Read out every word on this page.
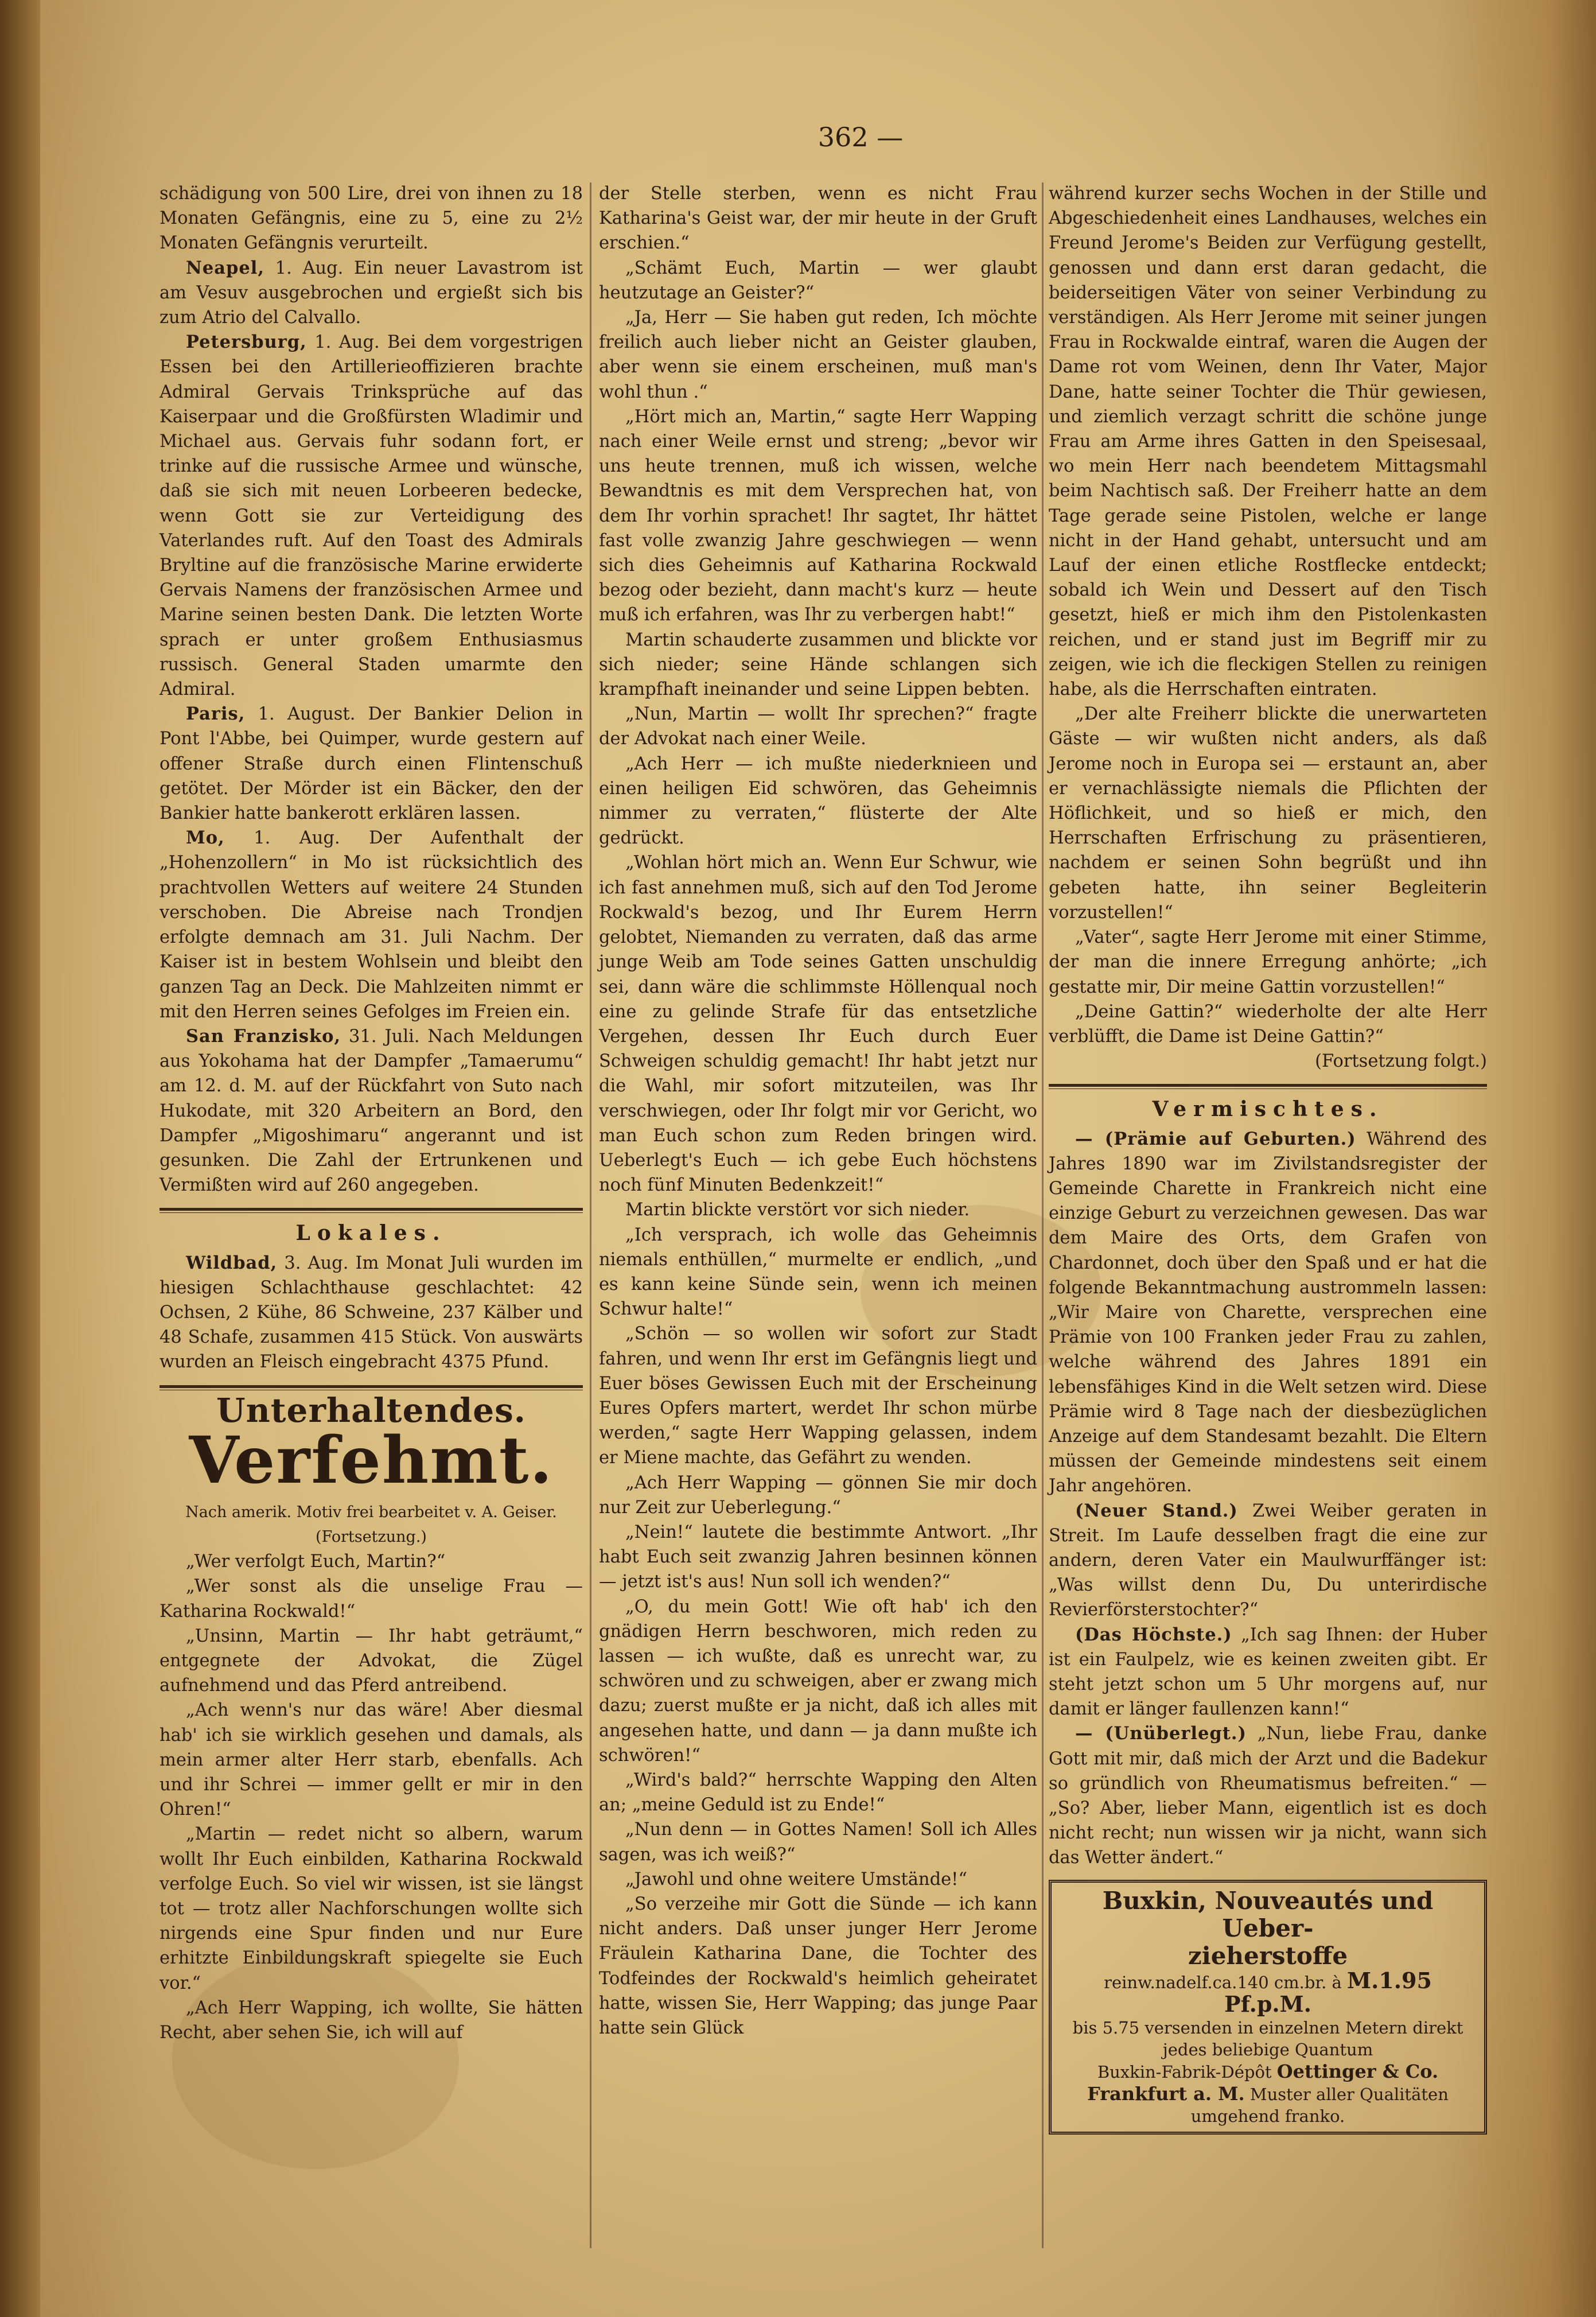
362 —

schädigung von 500 Lire, drei von ihnen zu 18 Monaten Gefängnis, eine zu 5, eine zu 2½ Monaten Gefängnis verurteilt.

Neapel, 1. Aug. Ein neuer Lavastrom ist am Vesuv ausgebrochen und ergießt sich bis zum Atrio del Calvallo.

Petersburg, 1. Aug. Bei dem vorgestrigen Essen bei den Artillerieoffizieren brachte Admiral Gervais Trinksprüche auf das Kaiserpaar und die Großfürsten Wladimir und Michael aus. Gervais fuhr sodann fort, er trinke auf die russische Armee und wünsche, daß sie sich mit neuen Lorbeeren bedecke, wenn Gott sie zur Verteidigung des Vaterlandes ruft. Auf den Toast des Admirals Bryltine auf die französische Marine erwiderte Gervais Namens der französischen Armee und Marine seinen besten Dank. Die letzten Worte sprach er unter großem Enthusiasmus russisch. General Staden umarmte den Admiral.

Paris, 1. August. Der Bankier Delion in Pont l'Abbe, bei Quimper, wurde gestern auf offener Straße durch einen Flintenschuß getötet. Der Mörder ist ein Bäcker, den der Bankier hatte bankerott erklären lassen.

Mo, 1. Aug. Der Aufenthalt der „Hohenzollern“ in Mo ist rücksichtlich des prachtvollen Wetters auf weitere 24 Stunden verschoben. Die Abreise nach Trondjen erfolgte demnach am 31. Juli Nachm. Der Kaiser ist in bestem Wohlsein und bleibt den ganzen Tag an Deck. Die Mahlzeiten nimmt er mit den Herren seines Gefolges im Freien ein.

San Franzisko, 31. Juli. Nach Meldungen aus Yokohama hat der Dampfer „Tamaerumu“ am 12. d. M. auf der Rückfahrt von Suto nach Hukodate, mit 320 Arbeitern an Bord, den Dampfer „Migoshimaru“ angerannt und ist gesunken. Die Zahl der Ertrunkenen und Vermißten wird auf 260 angegeben.

Lokales.

Wildbad, 3. Aug. Im Monat Juli wurden im hiesigen Schlachthause geschlachtet: 42 Ochsen, 2 Kühe, 86 Schweine, 237 Kälber und 48 Schafe, zusammen 415 Stück. Von auswärts wurden an Fleisch eingebracht 4375 Pfund.

Unterhaltendes.
Verfehmt.
Nach amerik. Motiv frei bearbeitet v. A. Geiser.
(Fortsetzung.)

„Wer verfolgt Euch, Martin?“

„Wer sonst als die unselige Frau — Katharina Rockwald!“

„Unsinn, Martin — Ihr habt geträumt,“ entgegnete der Advokat, die Zügel aufnehmend und das Pferd antreibend.

„Ach wenn's nur das wäre! Aber diesmal hab' ich sie wirklich gesehen und damals, als mein armer alter Herr starb, ebenfalls. Ach und ihr Schrei — immer gellt er mir in den Ohren!“

„Martin — redet nicht so albern, warum wollt Ihr Euch einbilden, Katharina Rockwald verfolge Euch. So viel wir wissen, ist sie längst tot — trotz aller Nachforschungen wollte sich nirgends eine Spur finden und nur Eure erhitzte Einbildungskraft spiegelte sie Euch vor.“

„Ach Herr Wapping, ich wollte, Sie hätten Recht, aber sehen Sie, ich will auf

der Stelle sterben, wenn es nicht Frau Katharina's Geist war, der mir heute in der Gruft erschien.“

„Schämt Euch, Martin — wer glaubt heutzutage an Geister?“

„Ja, Herr — Sie haben gut reden, Ich möchte freilich auch lieber nicht an Geister glauben, aber wenn sie einem erscheinen, muß man's wohl thun .“

„Hört mich an, Martin,“ sagte Herr Wapping nach einer Weile ernst und streng; „bevor wir uns heute trennen, muß ich wissen, welche Bewandtnis es mit dem Versprechen hat, von dem Ihr vorhin sprachet! Ihr sagtet, Ihr hättet fast volle zwanzig Jahre geschwiegen — wenn sich dies Geheimnis auf Katharina Rockwald bezog oder bezieht, dann macht's kurz — heute muß ich erfahren, was Ihr zu verbergen habt!“

Martin schauderte zusammen und blickte vor sich nieder; seine Hände schlangen sich krampfhaft ineinander und seine Lippen bebten.

„Nun, Martin — wollt Ihr sprechen?“ fragte der Advokat nach einer Weile.

„Ach Herr — ich mußte niederknieen und einen heiligen Eid schwören, das Geheimnis nimmer zu verraten,“ flüsterte der Alte gedrückt.

„Wohlan hört mich an. Wenn Eur Schwur, wie ich fast annehmen muß, sich auf den Tod Jerome Rockwald's bezog, und Ihr Eurem Herrn gelobtet, Niemanden zu verraten, daß das arme junge Weib am Tode seines Gatten unschuldig sei, dann wäre die schlimmste Höllenqual noch eine zu gelinde Strafe für das entsetzliche Vergehen, dessen Ihr Euch durch Euer Schweigen schuldig gemacht! Ihr habt jetzt nur die Wahl, mir sofort mitzuteilen, was Ihr verschwiegen, oder Ihr folgt mir vor Gericht, wo man Euch schon zum Reden bringen wird. Ueberlegt's Euch — ich gebe Euch höchstens noch fünf Minuten Bedenkzeit!“

Martin blickte verstört vor sich nieder.

„Ich versprach, ich wolle das Geheimnis niemals enthüllen,“ murmelte er endlich, „und es kann keine Sünde sein, wenn ich meinen Schwur halte!“

„Schön — so wollen wir sofort zur Stadt fahren, und wenn Ihr erst im Gefängnis liegt und Euer böses Gewissen Euch mit der Erscheinung Eures Opfers martert, werdet Ihr schon mürbe werden,“ sagte Herr Wapping gelassen, indem er Miene machte, das Gefährt zu wenden.

„Ach Herr Wapping — gönnen Sie mir doch nur Zeit zur Ueberlegung.“

„Nein!“ lautete die bestimmte Antwort. „Ihr habt Euch seit zwanzig Jahren besinnen können — jetzt ist's aus! Nun soll ich wenden?“

„O, du mein Gott! Wie oft hab' ich den gnädigen Herrn beschworen, mich reden zu lassen — ich wußte, daß es unrecht war, zu schwören und zu schweigen, aber er zwang mich dazu; zuerst mußte er ja nicht, daß ich alles mit angesehen hatte, und dann — ja dann mußte ich schwören!“

„Wird's bald?“ herrschte Wapping den Alten an; „meine Geduld ist zu Ende!“

„Nun denn — in Gottes Namen! Soll ich Alles sagen, was ich weiß?“

„Jawohl und ohne weitere Umstände!“

„So verzeihe mir Gott die Sünde — ich kann nicht anders. Daß unser junger Herr Jerome Fräulein Katharina Dane, die Tochter des Todfeindes der Rockwald's heimlich geheiratet hatte, wissen Sie, Herr Wapping; das junge Paar hatte sein Glück

während kurzer sechs Wochen in der Stille und Abgeschiedenheit eines Landhauses, welches ein Freund Jerome's Beiden zur Verfügung gestellt, genossen und dann erst daran gedacht, die beiderseitigen Väter von seiner Verbindung zu verständigen. Als Herr Jerome mit seiner jungen Frau in Rockwalde eintraf, waren die Augen der Dame rot vom Weinen, denn Ihr Vater, Major Dane, hatte seiner Tochter die Thür gewiesen, und ziemlich verzagt schritt die schöne junge Frau am Arme ihres Gatten in den Speisesaal, wo mein Herr nach beendetem Mittagsmahl beim Nachtisch saß. Der Freiherr hatte an dem Tage gerade seine Pistolen, welche er lange nicht in der Hand gehabt, untersucht und am Lauf der einen etliche Rostflecke entdeckt; sobald ich Wein und Dessert auf den Tisch gesetzt, hieß er mich ihm den Pistolenkasten reichen, und er stand just im Begriff mir zu zeigen, wie ich die fleckigen Stellen zu reinigen habe, als die Herrschaften eintraten.

„Der alte Freiherr blickte die unerwarteten Gäste — wir wußten nicht anders, als daß Jerome noch in Europa sei — erstaunt an, aber er vernachlässigte niemals die Pflichten der Höflichkeit, und so hieß er mich, den Herrschaften Erfrischung zu präsentieren, nachdem er seinen Sohn begrüßt und ihn gebeten hatte, ihn seiner Begleiterin vorzustellen!“

„Vater“, sagte Herr Jerome mit einer Stimme, der man die innere Erregung anhörte; „ich gestatte mir, Dir meine Gattin vorzustellen!“

„Deine Gattin?“ wiederholte der alte Herr verblüfft, die Dame ist Deine Gattin?“

(Fortsetzung folgt.)

Vermischtes.

— (Prämie auf Geburten.) Während des Jahres 1890 war im Zivilstandsregister der Gemeinde Charette in Frankreich nicht eine einzige Geburt zu verzeichnen gewesen. Das war dem Maire des Orts, dem Grafen von Chardonnet, doch über den Spaß und er hat die folgende Bekanntmachung austrommeln lassen: „Wir Maire von Charette, versprechen eine Prämie von 100 Franken jeder Frau zu zahlen, welche während des Jahres 1891 ein lebensfähiges Kind in die Welt setzen wird. Diese Prämie wird 8 Tage nach der diesbezüglichen Anzeige auf dem Standesamt bezahlt. Die Eltern müssen der Gemeinde mindestens seit einem Jahr angehören.

(Neuer Stand.) Zwei Weiber geraten in Streit. Im Laufe desselben fragt die eine zur andern, deren Vater ein Maulwurffänger ist: „Was willst denn Du, Du unterirdische Revierförsterstochter?“

(Das Höchste.) „Ich sag Ihnen: der Huber ist ein Faulpelz, wie es keinen zweiten gibt. Er steht jetzt schon um 5 Uhr morgens auf, nur damit er länger faullenzen kann!“

— (Unüberlegt.) „Nun, liebe Frau, danke Gott mit mir, daß mich der Arzt und die Badekur so gründlich von Rheumatismus befreiten.“ — „So? Aber, lieber Mann, eigentlich ist es doch nicht recht; nun wissen wir ja nicht, wann sich das Wetter ändert.“

Buxkin, Nouveautés und Ueber-
zieherstoffe
reinw.nadelf.ca.140 cm.br. à M.1.95 Pf.p.M.
bis 5.75 versenden in einzelnen Metern direkt
jedes beliebige Quantum
Buxkin-Fabrik-Dépôt Oettinger & Co.
Frankfurt a. M. Muster aller Qualitäten umgehend franko.
